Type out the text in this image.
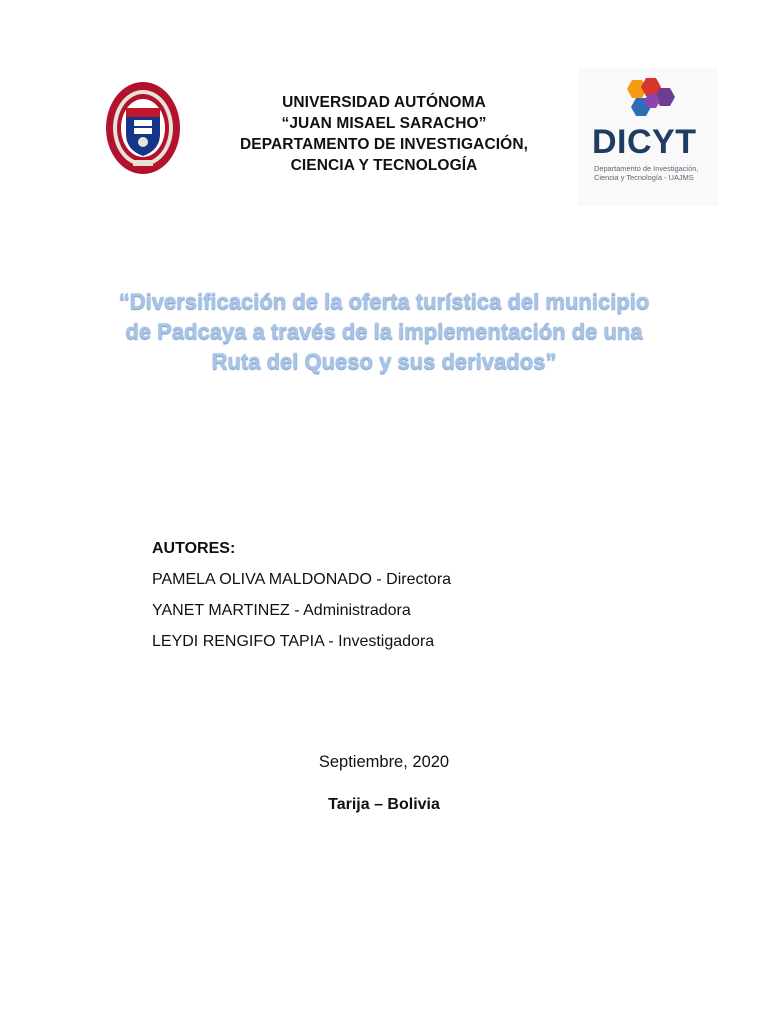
UNIVERSIDAD AUTÓNOMA
“JUAN MISAEL SARACHO”
DEPARTAMENTO DE INVESTIGACIÓN,
CIENCIA Y TECNOLOGÍA
DICYT
Departamento de Investigación,
Ciencia y Tecnología - UAJMS
“Diversificación de la oferta turística del municipio
de Padcaya a través de la implementación de una
Ruta del Queso y sus derivados”
AUTORES:
PAMELA OLIVA MALDONADO - Directora
YANET MARTINEZ - Administradora
LEYDI RENGIFO TAPIA - Investigadora
Septiembre, 2020
Tarija – Bolivia
